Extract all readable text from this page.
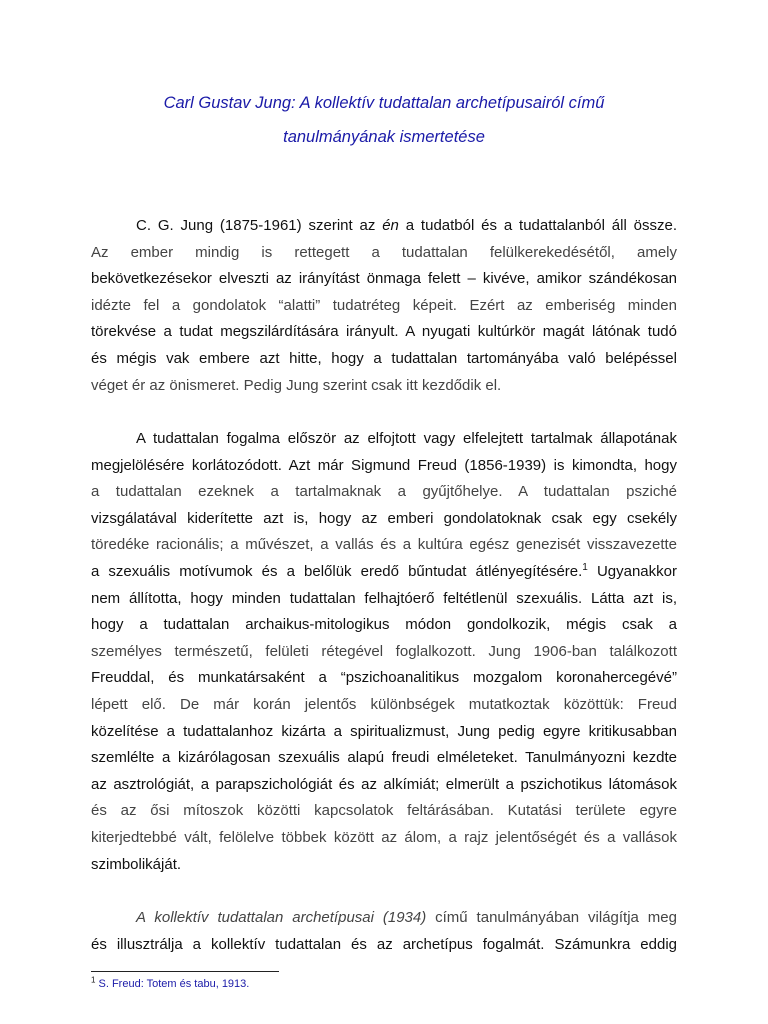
Carl Gustav Jung: A kollektív tudattalan archetípusairól című
tanulmányának ismertetése
C. G. Jung (1875-1961) szerint az én a tudatból és a tudattalanból áll össze.
Az ember mindig is rettegett a tudattalan felülkerekedésétől, amely
bekövetkezésekor elveszti az irányítást önmaga felett – kivéve, amikor szándékosan
idézte fel a gondolatok “alatti” tudatréteg képeit. Ezért az emberiség minden
törekvése a tudat megszilárdítására irányult. A nyugati kultúrkör magát látónak tudó
és mégis vak embere azt hitte, hogy a tudattalan tartományába való belépéssel
véget ér az önismeret. Pedig Jung szerint csak itt kezdődik el.
A tudattalan fogalma először az elfojtott vagy elfelejtett tartalmak állapotának
megjelölésére korlátozódott. Azt már Sigmund Freud (1856-1939) is kimondta, hogy
a tudattalan ezeknek a tartalmaknak a gyűjtőhelye. A tudattalan psziché
vizsgálatával kiderítette azt is, hogy az emberi gondolatoknak csak egy csekély
töredéke racionális; a művészet, a vallás és a kultúra egész genezisét visszavezette
a szexuális motívumok és a belőlük eredő bűntudat átlényegítésére.$^1$ Ugyanakkor
nem állította, hogy minden tudattalan felhajtóerő feltétlenül szexuális. Látta azt is,
hogy a tudattalan archaikus-mitologikus módon gondolkozik, mégis csak a
személyes természetű, felületi rétegével foglalkozott. Jung 1906-ban találkozott
Freuddal, és munkatársaként a “pszichoanalitikus mozgalom koronahercegévé”
lépett elő. De már korán jelentős különbségek mutatkoztak közöttük: Freud
közelítése a tudattalanhoz kizárta a spiritualizmust, Jung pedig egyre kritikusabban
szemlélte a kizárólagosan szexuális alapú freudi elméleteket. Tanulmányozni kezdte
az asztrológiát, a parapszichológiát és az alkímiát; elmerült a pszichotikus látomások
és az ősi mítoszok közötti kapcsolatok feltárásában. Kutatási területe egyre
kiterjedtebbé vált, felölelve többek között az álom, a rajz jelentőségét és a vallások
szimbolikáját.
A kollektív tudattalan archetípusai (1934) című tanulmányában világítja meg
és illusztrálja a kollektív tudattalan és az archetípus fogalmát. Számunkra eddig
$^1$ S. Freud: Totem és tabu, 1913.
